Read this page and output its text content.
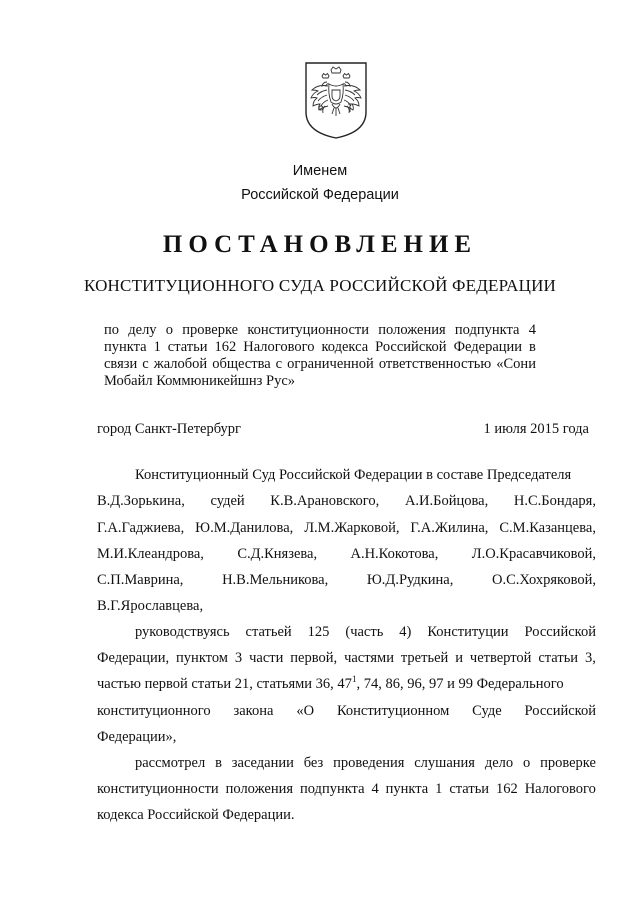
Именем
Российской Федерации
ПОСТАНОВЛЕНИЕ
КОНСТИТУЦИОННОГО СУДА РОССИЙСКОЙ ФЕДЕРАЦИИ
по делу о проверке конституционности положения подпункта 4
пункта 1 статьи 162 Налогового кодекса Российской Федерации в
связи с жалобой общества с ограниченной ответственностью «Сони
Мобайл Коммюникейшнз Рус»
город Санкт-Петербург	1 июля 2015 года
Конституционный Суд Российской Федерации в составе Председателя
В.Д.Зорькина, судей К.В.Арановского, А.И.Бойцова, Н.С.Бондаря,
Г.А.Гаджиева, Ю.М.Данилова, Л.М.Жарковой, Г.А.Жилина, С.М.Казанцева,
М.И.Клеандрова, С.Д.Князева, А.Н.Кокотова, Л.О.Красавчиковой,
С.П.Маврина,	Н.В.Мельникова,	Ю.Д.Рудкина,	О.С.Хохряковой,
В.Г.Ярославцева,
руководствуясь статьей 125 (часть 4) Конституции Российской
Федерации, пунктом 3 части первой, частями третьей и четвертой статьи 3,
частью первой статьи 21, статьями 36, $47^1$, 74, 86, 96, 97 и 99 Федерального
конституционного закона «О Конституционном Суде Российской
Федерации»,
рассмотрел в заседании без проведения слушания дело о проверке
конституционности положения подпункта 4 пункта 1 статьи 162 Налогового
кодекса Российской Федерации.
